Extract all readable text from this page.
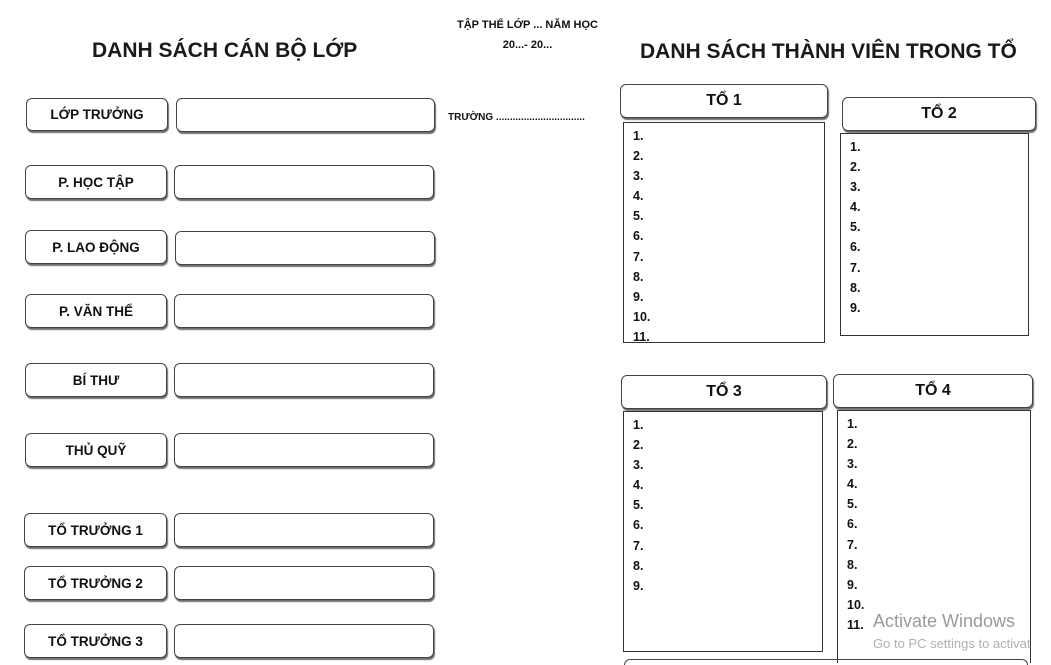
DANH SÁCH CÁN BỘ LỚP	DANH SÁCH THÀNH VIÊN TRONG TỔ
TẬP THỂ LỚP ... NĂM HỌC
20...- 20...
TRƯỜNG ................................
LỚP TRƯỞNG
P. HỌC TẬP
P. LAO ĐỘNG
P. VĂN THỂ
BÍ THƯ
THỦ QUỸ
TỔ TRƯỞNG 1
TỔ TRƯỞNG 2
TỔ TRƯỞNG 3
TỔ 1
1.
2.
3.
4.
5.
6.
7.
8.
9.
10.
11.
TỔ 2
1.
2.
3.
4.
5.
6.
7.
8.
9.
TỔ 3
1.
2.
3.
4.
5.
6.
7.
8.
9.
TỔ 4
1.
2.
3.
4.
5.
6.
7.
8.
9.
10.
11. Activate Windows
Go to PC settings to activat
